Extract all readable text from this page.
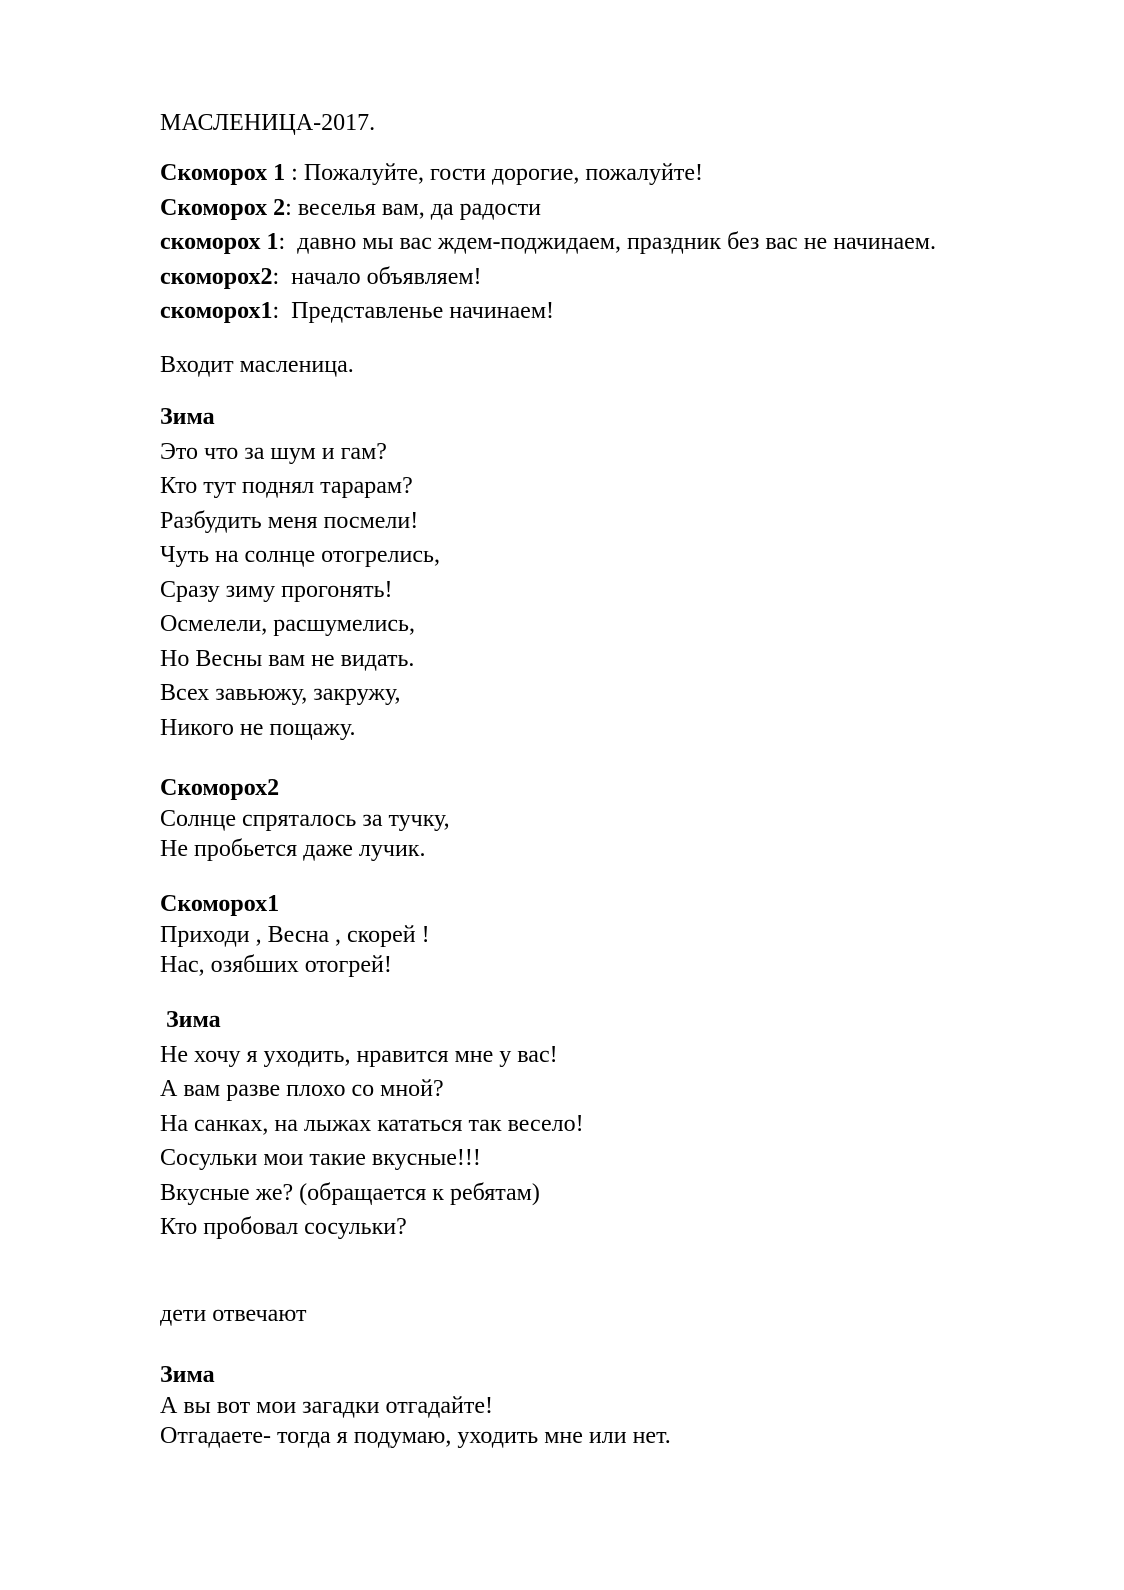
МАСЛЕНИЦА-2017.
Скоморох 1 : Пожалуйте, гости дорогие, пожалуйте!
Скоморох 2: веселья вам, да радости
скоморох 1:  давно мы вас ждем-поджидаем, праздник без вас не начинаем.
скоморох2:  начало объявляем!
скоморох1:  Представленье начинаем!
Входит масленица.
Зима
Это что за шум и гам?
Кто тут поднял тарарам?
Разбудить меня посмели!
Чуть на солнце отогрелись,
Сразу зиму прогонять!
Осмелели, расшумелись,
Но Весны вам не видать.
Всех завьюжу, закружу,
Никого не пощажу.
Скоморох2
Солнце спряталось за тучку,
Не пробьется даже лучик.
Скоморох1
Приходи , Весна , скорей !
Нас, озябших отогрей!
Зима
Не хочу я уходить, нравится мне у вас!
А вам разве плохо со мной?
На санках, на лыжах кататься так весело!
Сосульки мои такие вкусные!!!
Вкусные же? (обращается к ребятам)
Кто пробовал сосульки?
дети отвечают
Зима
А вы вот мои загадки отгадайте!
Отгадаете- тогда я подумаю, уходить мне или нет.
